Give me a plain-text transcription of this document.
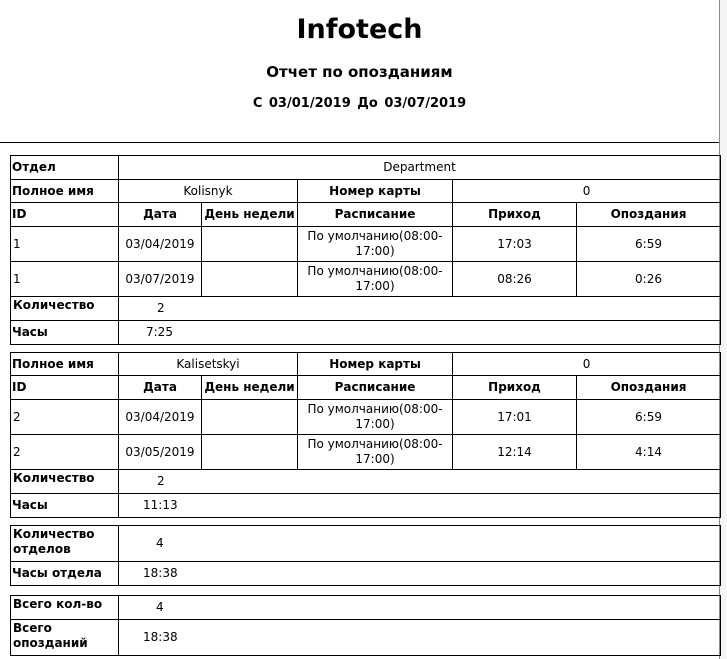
Infotech
Отчет по опозданиям
С 03/01/2019 До 03/07/2019
Отдел	Department				
Полное имя	Kolisnyk		Номер карты	0	
ID	Дата	День недели	Расписание	Приход	Опоздания
1	03/04/2019		По умолчанию(08:00-17:00)	17:03	6:59
1	03/07/2019		По умолчанию(08:00-17:00)	08:26	0:26
Количество	2				
Часы	7:25				
Полное имя	Kalisetskyi		Номер карты	0	
ID	Дата	День недели	Расписание	Приход	Опоздания
2	03/04/2019		По умолчанию(08:00-17:00)	17:01	6:59
2	03/05/2019		По умолчанию(08:00-17:00)	12:14	4:14
Количество	2				
Часы	11:13				
Количество отделов	4
Часы отдела	18:38
Всего кол-во	4
Всего опозданий	18:38
